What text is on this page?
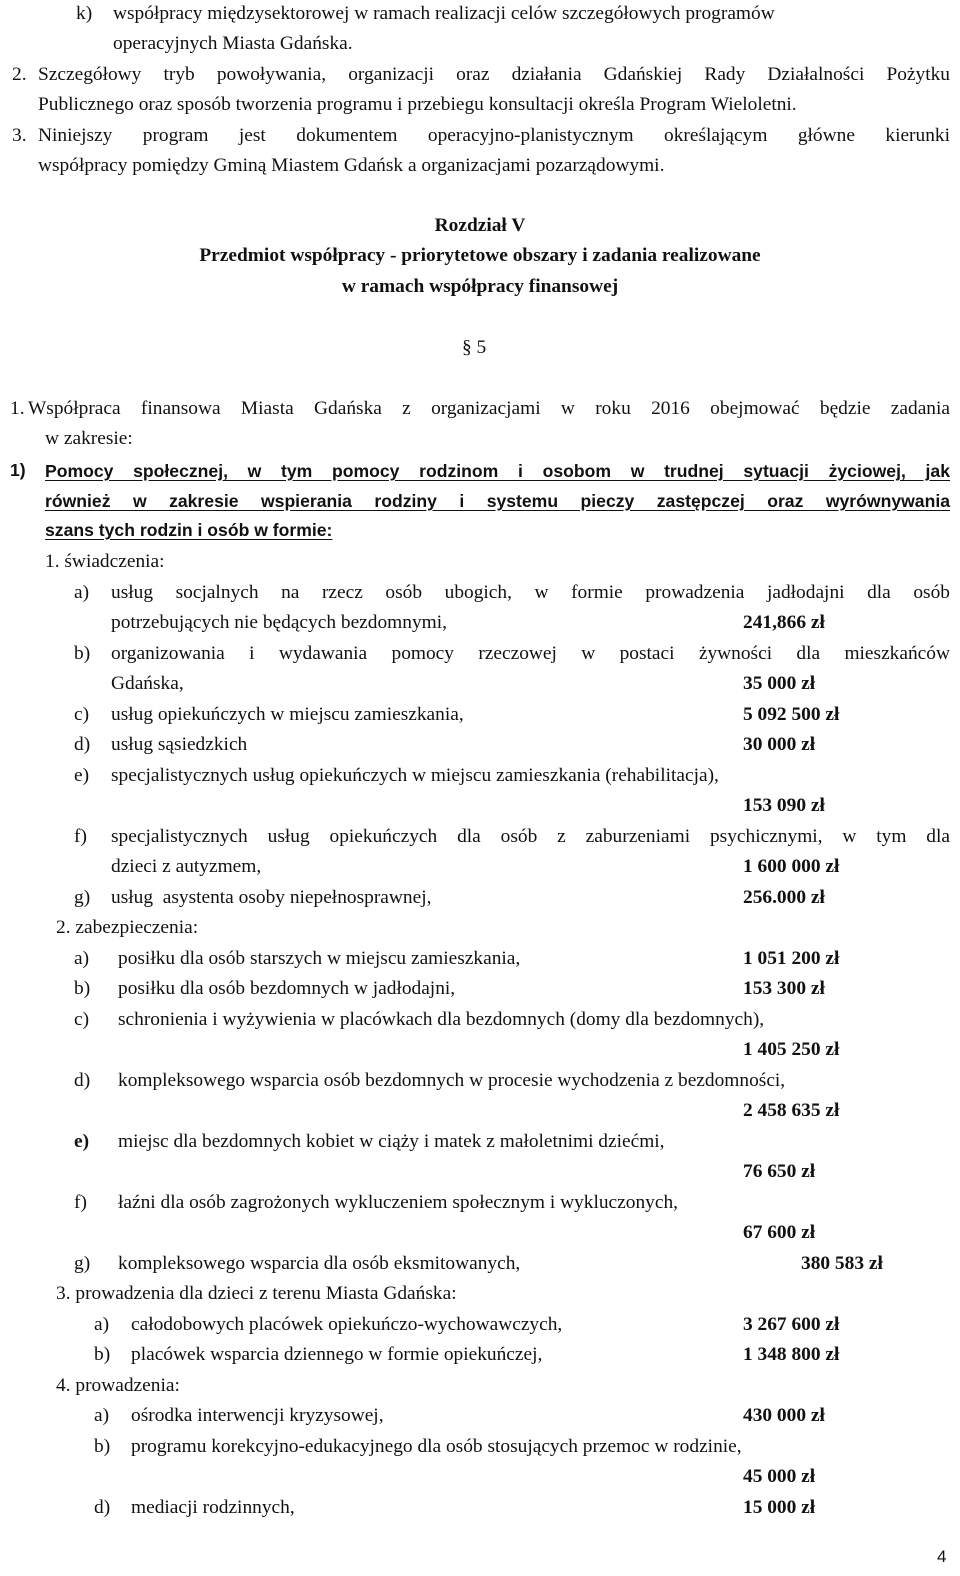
k) współpracy międzysektorowej w ramach realizacji celów szczegółowych programów
operacyjnych Miasta Gdańska.
2. Szczegółowy tryb powoływania, organizacji oraz działania Gdańskiej Rady Działalności Pożytku
Publicznego oraz sposób tworzenia programu i przebiegu konsultacji określa Program Wieloletni.
3. Niniejszy program jest dokumentem operacyjno-planistycznym określającym główne kierunki
współpracy pomiędzy Gminą Miastem Gdańsk a organizacjami pozarządowymi.
Rozdział V
Przedmiot współpracy - priorytetowe obszary i zadania realizowane
w ramach współpracy finansowej
§ 5
1. Współpraca finansowa Miasta Gdańska z organizacjami w roku 2016 obejmować będzie zadania
w zakresie:
1) Pomocy społecznej, w tym pomocy rodzinom i osobom w trudnej sytuacji życiowej, jak
również w zakresie wspierania rodziny i systemu pieczy zastępczej oraz wyrównywania
szans tych rodzin i osób w formie:
1. świadczenia:
a) usług socjalnych na rzecz osób ubogich, w formie prowadzenia jadłodajni dla osób
potrzebujących nie będących bezdomnymi,	241,866 zł
b) organizowania i wydawania pomocy rzeczowej w postaci żywności dla mieszkańców
Gdańska,	35 000 zł
c) usług opiekuńczych w miejscu zamieszkania,	5 092 500 zł
d) usług sąsiedzkich	30 000 zł
e) specjalistycznych usług opiekuńczych w miejscu zamieszkania (rehabilitacja),
153 090 zł
f) specjalistycznych usług opiekuńczych dla osób z zaburzeniami psychicznymi, w tym dla
dzieci z autyzmem,	1 600 000 zł
g) usług  asystenta osoby niepełnosprawnej,	256.000 zł
2. zabezpieczenia:
a) posiłku dla osób starszych w miejscu zamieszkania,	1 051 200 zł
b) posiłku dla osób bezdomnych w jadłodajni,	153 300 zł
c) schronienia i wyżywienia w placówkach dla bezdomnych (domy dla bezdomnych),
1 405 250 zł
d) kompleksowego wsparcia osób bezdomnych w procesie wychodzenia z bezdomności,
2 458 635 zł
e) miejsc dla bezdomnych kobiet w ciąży i matek z małoletnimi dziećmi,
76 650 zł
f) łaźni dla osób zagrożonych wykluczeniem społecznym i wykluczonych,
67 600 zł
g) kompleksowego wsparcia dla osób eksmitowanych,	380 583 zł
3. prowadzenia dla dzieci z terenu Miasta Gdańska:
a) całodobowych placówek opiekuńczo-wychowawczych,	3 267 600 zł
b) placówek wsparcia dziennego w formie opiekuńczej,	1 348 800 zł
4. prowadzenia:
a) ośrodka interwencji kryzysowej,	430 000 zł
b) programu korekcyjno-edukacyjnego dla osób stosujących przemoc w rodzinie,
45 000 zł
d) mediacji rodzinnych,	15 000 zł
4
